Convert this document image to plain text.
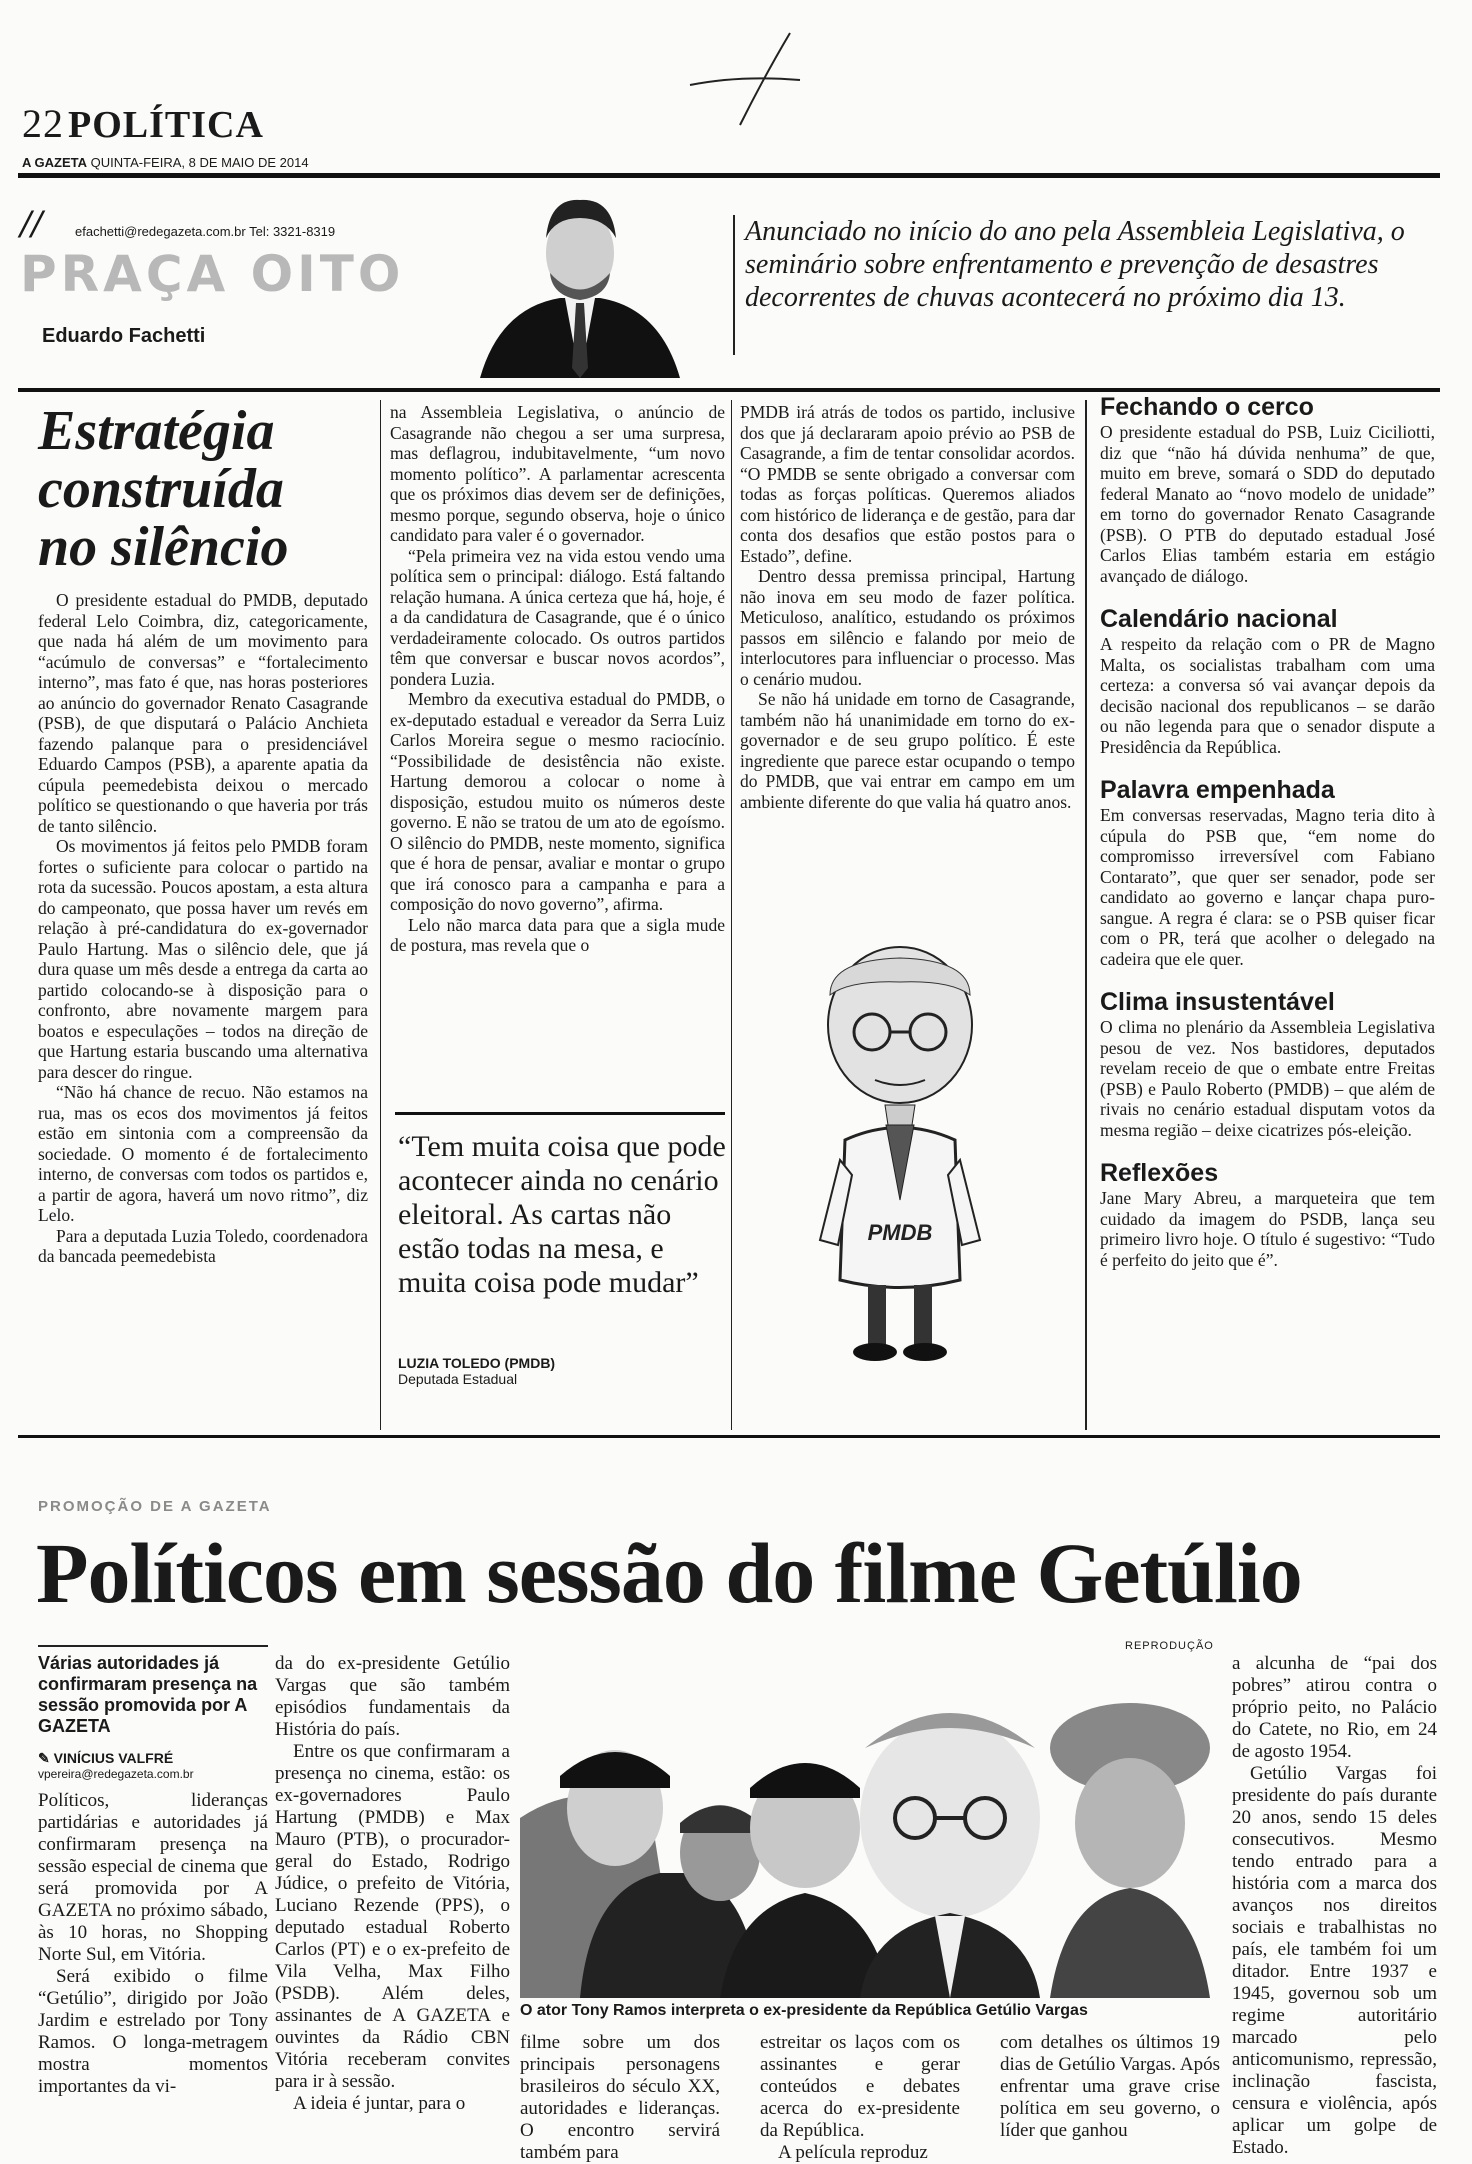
22 POLÍTICA
A GAZETA QUINTA-FEIRA, 8 DE MAIO DE 2014
//	efachetti@redegazeta.com.br Tel: 3321-8319
PRAÇA OITO
Eduardo Fachetti
Anunciado no início do ano pela Assembleia Legislativa, o seminário sobre enfrentamento e prevenção de desastres decorrentes de chuvas acontecerá no próximo dia 13.
Estratégia
construída
no silêncio

O presidente estadual do PMDB, deputado federal Lelo Coimbra, diz, categoricamente, que nada há além de um movimento para “acúmulo de conversas” e “fortalecimento interno”, mas fato é que, nas horas posteriores ao anúncio do governador Renato Casagrande (PSB), de que disputará o Palácio Anchieta fazendo palanque para o presidenciável Eduardo Campos (PSB), a aparente apatia da cúpula peemedebista deixou o mercado político se questionando o que haveria por trás de tanto silêncio.

Os movimentos já feitos pelo PMDB foram fortes o suficiente para colocar o partido na rota da sucessão. Poucos apostam, a esta altura do campeonato, que possa haver um revés em relação à pré-candidatura do ex-governador Paulo Hartung. Mas o silêncio dele, que já dura quase um mês desde a entrega da carta ao partido colocando-se à disposição para o confronto, abre novamente margem para boatos e especulações – todos na direção de que Hartung estaria buscando uma alternativa para descer do ringue.

“Não há chance de recuo. Não estamos na rua, mas os ecos dos movimentos já feitos estão em sintonia com a compreensão da sociedade. O momento é de fortalecimento interno, de conversas com todos os partidos e, a partir de agora, haverá um novo ritmo”, diz Lelo.

Para a deputada Luzia Toledo, coordenadora da bancada peemedebista

na Assembleia Legislativa, o anúncio de Casagrande não chegou a ser uma surpresa, mas deflagrou, indubitavelmente, “um novo momento político”. A parlamentar acrescenta que os próximos dias devem ser de definições, mesmo porque, segundo observa, hoje o único candidato para valer é o governador.

“Pela primeira vez na vida estou vendo uma política sem o principal: diálogo. Está faltando relação humana. A única certeza que há, hoje, é a da candidatura de Casagrande, que é o único verdadeiramente colocado. Os outros partidos têm que conversar e buscar novos acordos”, pondera Luzia.

Membro da executiva estadual do PMDB, o ex-deputado estadual e vereador da Serra Luiz Carlos Moreira segue o mesmo raciocínio. “Possibilidade de desistência não existe. Hartung demorou a colocar o nome à disposição, estudou muito os números deste governo. E não se tratou de um ato de egoísmo. O silêncio do PMDB, neste momento, significa que é hora de pensar, avaliar e montar o grupo que irá conosco para a campanha e para a composição do novo governo”, afirma.

Lelo não marca data para que a sigla mude de postura, mas revela que o

“Tem muita coisa que pode acontecer ainda no cenário eleitoral. As cartas não estão todas na mesa, e muita coisa pode mudar”
LUZIA TOLEDO (PMDB)
Deputada Estadual

PMDB irá atrás de todos os partido, inclusive dos que já declararam apoio prévio ao PSB de Casagrande, a fim de tentar consolidar acordos. “O PMDB se sente obrigado a conversar com todas as forças políticas. Queremos aliados com histórico de liderança e de gestão, para dar conta dos desafios que estão postos para o Estado”, define.

Dentro dessa premissa principal, Hartung não inova em seu modo de fazer política. Meticuloso, analítico, estudando os próximos passos em silêncio e falando por meio de interlocutores para influenciar o processo. Mas o cenário mudou.

Se não há unidade em torno de Casagrande, também não há unanimidade em torno do ex-governador e de seu grupo político. É este ingrediente que parece estar ocupando o tempo do PMDB, que vai entrar em campo em um ambiente diferente do que valia há quatro anos.

PMDB
Fechando o cerco
O presidente estadual do PSB, Luiz Ciciliotti, diz que “não há dúvida nenhuma” de que, muito em breve, somará o SDD do deputado federal Manato ao “novo modelo de unidade” em torno do governador Renato Casagrande (PSB). O PTB do deputado estadual José Carlos Elias também estaria em estágio avançado de diálogo.
Calendário nacional
A respeito da relação com o PR de Magno Malta, os socialistas trabalham com uma certeza: a conversa só vai avançar depois da decisão nacional dos republicanos – se darão ou não legenda para que o senador dispute a Presidência da República.
Palavra empenhada
Em conversas reservadas, Magno teria dito à cúpula do PSB que, “em nome do compromisso irreversível com Fabiano Contarato”, que quer ser senador, pode ser candidato ao governo e lançar chapa puro-sangue. A regra é clara: se o PSB quiser ficar com o PR, terá que acolher o delegado na cadeira que ele quer.
Clima insustentável
O clima no plenário da Assembleia Legislativa pesou de vez. Nos bastidores, deputados revelam receio de que o embate entre Freitas (PSB) e Paulo Roberto (PMDB) – que além de rivais no cenário estadual disputam votos da mesma região – deixe cicatrizes pós-eleição.
Reflexões
Jane Mary Abreu, a marqueteira que tem cuidado da imagem do PSDB, lança seu primeiro livro hoje. O título é sugestivo: “Tudo é perfeito do jeito que é”.
PROMOÇÃO DE A GAZETA
Políticos em sessão do filme Getúlio
Várias autoridades já confirmaram presença na sessão promovida por A GAZETA
✎ VINÍCIUS VALFRÉ
vpereira@redegazeta.com.br

Políticos, lideranças partidárias e autoridades já confirmaram presença na sessão especial de cinema que será promovida por A GAZETA no próximo sábado, às 10 horas, no Shopping Norte Sul, em Vitória.

Será exibido o filme “Getúlio”, dirigido por João Jardim e estrelado por Tony Ramos. O longa-metragem mostra momentos importantes da vi-

da do ex-presidente Getúlio Vargas que são também episódios fundamentais da História do país.

Entre os que confirmaram a presença no cinema, estão: os ex-governadores Paulo Hartung (PMDB) e Max Mauro (PTB), o procurador-geral do Estado, Rodrigo Júdice, o prefeito de Vitória, Luciano Rezende (PPS), o deputado estadual Roberto Carlos (PT) e o ex-prefeito de Vila Velha, Max Filho (PSDB). Além deles, assinantes de A GAZETA e ouvintes da Rádio CBN Vitória receberam convites para ir à sessão.

A ideia é juntar, para o

REPRODUÇÃO
O ator Tony Ramos interpreta o ex-presidente da República Getúlio Vargas
filme sobre um dos principais personagens brasileiros do século XX, autoridades e lideranças. O encontro servirá também para

estreitar os laços com os assinantes e gerar conteúdos e debates acerca do ex-presidente da República.

A película reproduz

com detalhes os últimos 19 dias de Getúlio Vargas. Após enfrentar uma grave crise política em seu governo, o líder que ganhou

a alcunha de “pai dos pobres” atirou contra o próprio peito, no Palácio do Catete, no Rio, em 24 de agosto 1954.

Getúlio Vargas foi presidente do país durante 20 anos, sendo 15 deles consecutivos. Mesmo tendo entrado para a história com a marca dos avanços nos direitos sociais e trabalhistas no país, ele também foi um ditador. Entre 1937 e 1945, governou sob um regime autoritário marcado pelo anticomunismo, repressão, inclinação fascista, censura e violência, após aplicar um golpe de Estado.
